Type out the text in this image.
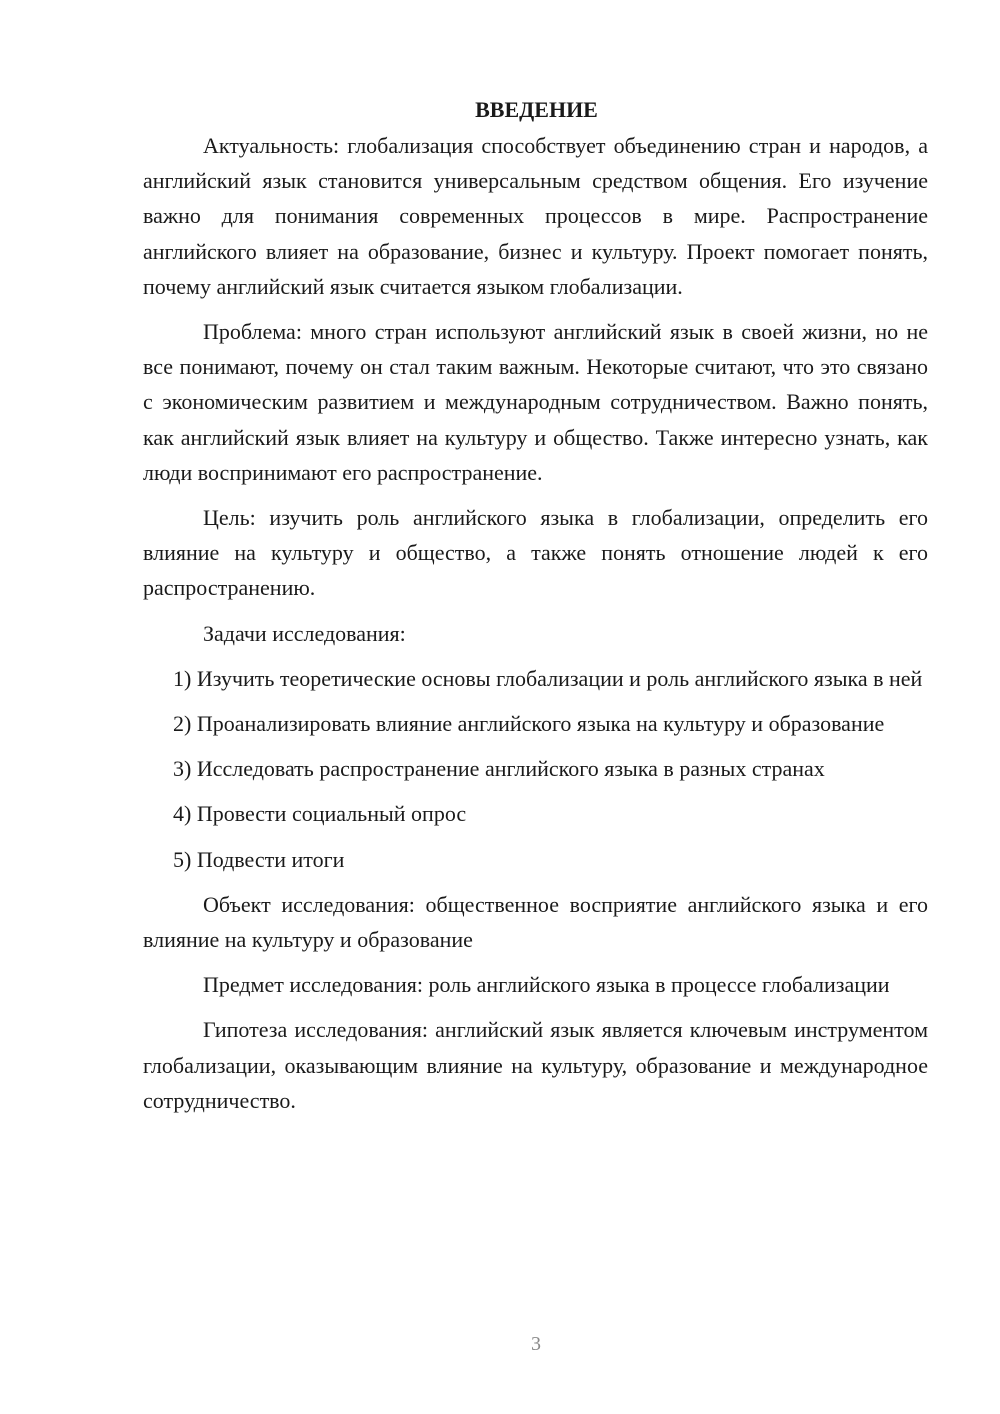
ВВЕДЕНИЕ

Актуальность: глобализация способствует объединению стран и народов, а английский язык становится универсальным средством общения. Его изучение важно для понимания современных процессов в мире. Распространение английского влияет на образование, бизнес и культуру. Проект помогает понять, почему английский язык считается языком глобализации.

Проблема: много стран используют английский язык в своей жизни, но не все понимают, почему он стал таким важным. Некоторые считают, что это связано с экономическим развитием и международным сотрудничеством. Важно понять, как английский язык влияет на культуру и общество. Также интересно узнать, как люди воспринимают его распространение.

Цель: изучить роль английского языка в глобализации, определить его влияние на культуру и общество, а также понять отношение людей к его распространению.

Задачи исследования:

1) Изучить теоретические основы глобализации и роль английского языка в ней

2) Проанализировать влияние английского языка на культуру и образование

3) Исследовать распространение английского языка в разных странах

4) Провести социальный опрос

5) Подвести итоги

Объект исследования: общественное восприятие английского языка и его влияние на культуру и образование

Предмет исследования: роль английского языка в процессе глобализации

Гипотеза исследования: английский язык является ключевым инструментом глобализации, оказывающим влияние на культуру, образование и международное сотрудничество.

3
